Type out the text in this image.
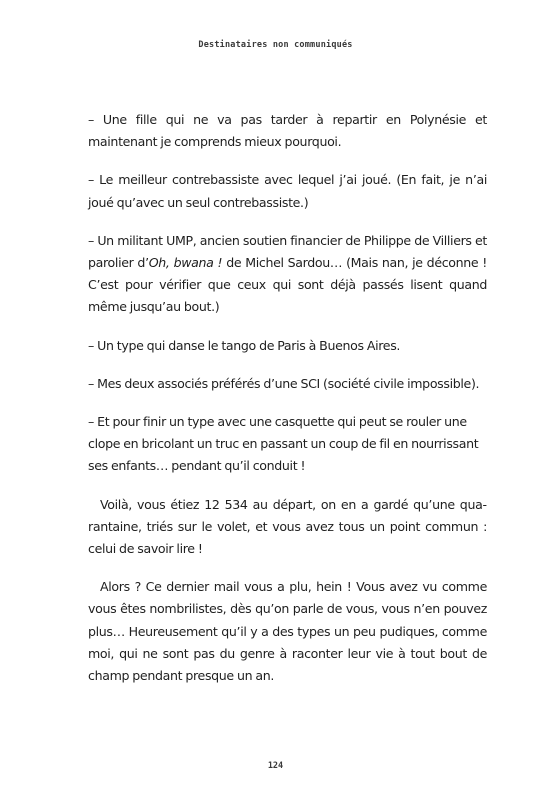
Destinataires non communiqués

– Une fille qui ne va pas tarder à repartir en Polynésie et maintenant je comprends mieux pourquoi.

– Le meilleur contrebassiste avec lequel j’ai joué. (En fait, je n’ai joué qu’avec un seul contrebassiste.)

– Un militant UMP, ancien soutien financier de Philippe de Villiers et parolier d’Oh, bwana ! de Michel Sardou… (Mais nan, je déconne ! C’est pour vérifier que ceux qui sont déjà passés lisent quand même jusqu’au bout.)

– Un type qui danse le tango de Paris à Buenos Aires.

– Mes deux associés préférés d’une SCI (société civile impossible).

– Et pour finir un type avec une casquette qui peut se rouler une clope en bricolant un truc en passant un coup de fil en nourrissant ses enfants… pendant qu’il conduit !

Voilà, vous étiez 12 534 au départ, on en a gardé qu’une quarantaine, triés sur le volet, et vous avez tous un point commun : celui de savoir lire !

Alors ? Ce dernier mail vous a plu, hein ! Vous avez vu comme vous êtes nombrilistes, dès qu’on parle de vous, vous n’en pouvez plus… Heureusement qu’il y a des types un peu pudiques, comme moi, qui ne sont pas du genre à raconter leur vie à tout bout de champ pendant presque un an.

124
